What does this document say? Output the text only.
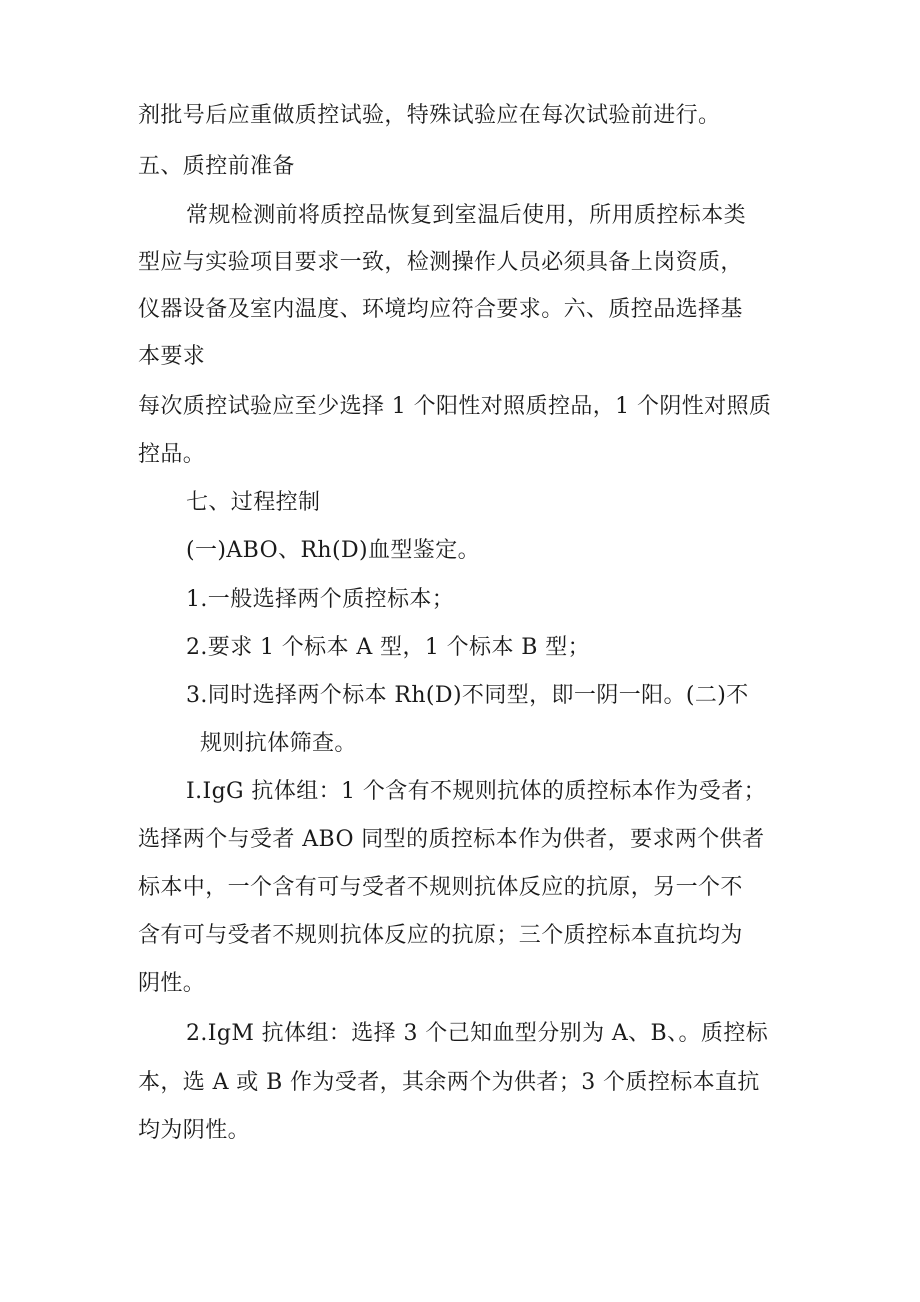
剂批号后应重做质控试验，特殊试验应在每次试验前进行。
五、质控前准备
常规检测前将质控品恢复到室温后使用，所用质控标本类
型应与实验项目要求一致，检测操作人员必须具备上岗资质，
仪器设备及室内温度、环境均应符合要求。六、质控品选择基
本要求
每次质控试验应至少选择 1 个阳性对照质控品，1 个阴性对照质
控品。
七、过程控制
(一)ABO、Rh(D)血型鉴定。
1.一般选择两个质控标本；
2.要求 1 个标本 A 型，1 个标本 B 型；
3.同时选择两个标本 Rh(D)不同型，即一阴一阳。(二)不
规则抗体筛查。
I.IgG 抗体组：1 个含有不规则抗体的质控标本作为受者；
选择两个与受者 ABO 同型的质控标本作为供者，要求两个供者
标本中，一个含有可与受者不规则抗体反应的抗原，另一个不
含有可与受者不规则抗体反应的抗原；三个质控标本直抗均为
阴性。
2.IgM 抗体组：选择 3 个己知血型分别为 A、B、。质控标
本，选 A 或 B 作为受者，其余两个为供者；3 个质控标本直抗
均为阴性。
